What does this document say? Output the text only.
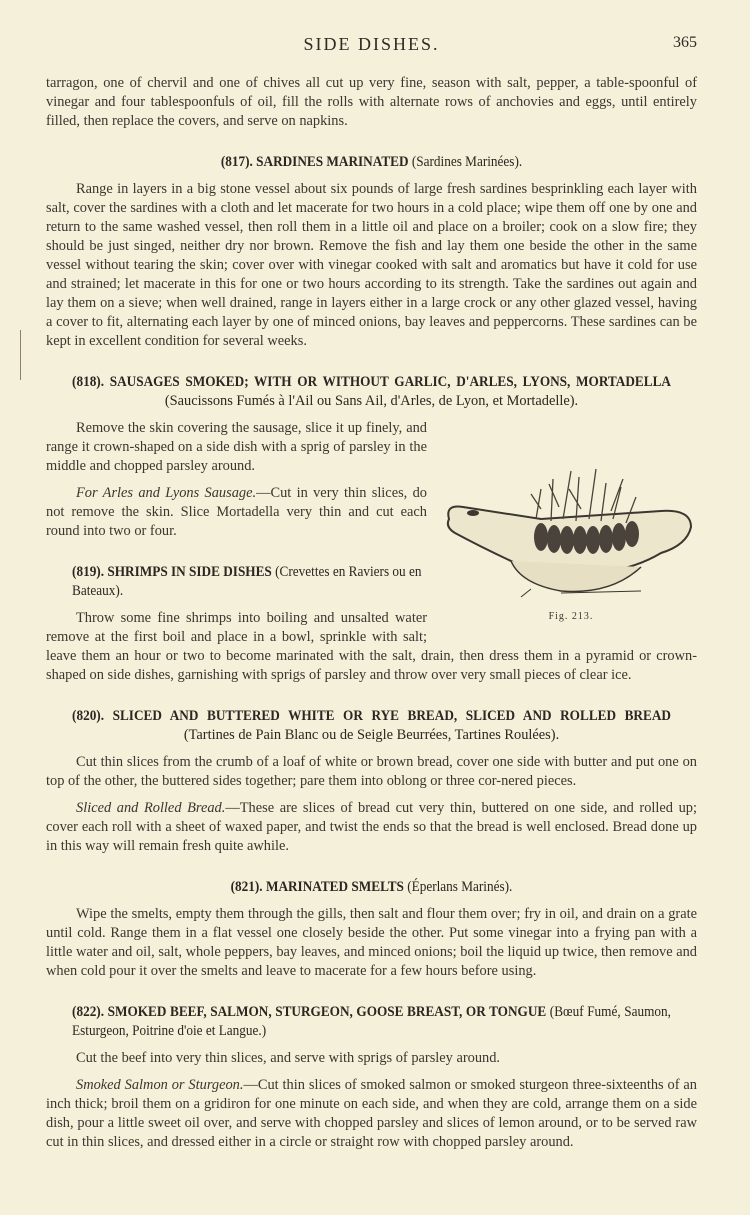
SIDE DISHES.	365

tarragon, one of chervil and one of chives all cut up very fine, season with salt, pepper, a table-spoonful of vinegar and four tablespoonfuls of oil, fill the rolls with alternate rows of anchovies and eggs, until entirely filled, then replace the covers, and serve on napkins.

(817). SARDINES MARINATED (Sardines Marinées).

Range in layers in a big stone vessel about six pounds of large fresh sardines besprinkling each layer with salt, cover the sardines with a cloth and let macerate for two hours in a cold place; wipe them off one by one and return to the same washed vessel, then roll them in a little oil and place on a broiler; cook on a slow fire; they should be just singed, neither dry nor brown. Remove the fish and lay them one beside the other in the same vessel without tearing the skin; cover over with vinegar cooked with salt and aromatics but have it cold for use and strained; let macerate in this for one or two hours according to its strength. Take the sardines out again and lay them on a sieve; when well drained, range in layers either in a large crock or any other glazed vessel, having a cover to fit, alternating each layer by one of minced onions, bay leaves and peppercorns. These sardines can be kept in excellent condition for several weeks.

(818). SAUSAGES SMOKED; WITH OR WITHOUT GARLIC, D'ARLES, LYONS, MORTADELLA
(Saucissons Fumés à l'Ail ou Sans Ail, d'Arles, de Lyon, et Mortadelle).
Fig. 213.

Remove the skin covering the sausage, slice it up finely, and range it crown-shaped on a side dish with a sprig of parsley in the middle and chopped parsley around.

For Arles and Lyons Sausage.—Cut in very thin slices, do not remove the skin. Slice Mortadella very thin and cut each round into two or four.

(819). SHRIMPS IN SIDE DISHES (Crevettes en Raviers ou en Bateaux).

Throw some fine shrimps into boiling and unsalted water remove at the first boil and place in a bowl, sprinkle with salt; leave them an hour or two to become marinated with the salt, drain, then dress them in a pyramid or crown-shaped on side dishes, garnishing with sprigs of parsley and throw over very small pieces of clear ice.

(820). SLICED AND BUTTERED WHITE OR RYE BREAD, SLICED AND ROLLED BREAD
(Tartines de Pain Blanc ou de Seigle Beurrées, Tartines Roulées).

Cut thin slices from the crumb of a loaf of white or brown bread, cover one side with butter and put one on top of the other, the buttered sides together; pare them into oblong or three cor-nered pieces.

Sliced and Rolled Bread.—These are slices of bread cut very thin, buttered on one side, and rolled up; cover each roll with a sheet of waxed paper, and twist the ends so that the bread is well enclosed. Bread done up in this way will remain fresh quite awhile.

(821). MARINATED SMELTS (Éperlans Marinés).

Wipe the smelts, empty them through the gills, then salt and flour them over; fry in oil, and drain on a grate until cold. Range them in a flat vessel one closely beside the other. Put some vinegar into a frying pan with a little water and oil, salt, whole peppers, bay leaves, and minced onions; boil the liquid up twice, then remove and when cold pour it over the smelts and leave to macerate for a few hours before using.

(822). SMOKED BEEF, SALMON, STURGEON, GOOSE BREAST, OR TONGUE (Bœuf Fumé, Saumon, Esturgeon, Poitrine d'oie et Langue.)

Cut the beef into very thin slices, and serve with sprigs of parsley around.

Smoked Salmon or Sturgeon.—Cut thin slices of smoked salmon or smoked sturgeon three-sixteenths of an inch thick; broil them on a gridiron for one minute on each side, and when they are cold, arrange them on a side dish, pour a little sweet oil over, and serve with chopped parsley and slices of lemon around, or to be served raw cut in thin slices, and dressed either in a circle or straight row with chopped parsley around.
